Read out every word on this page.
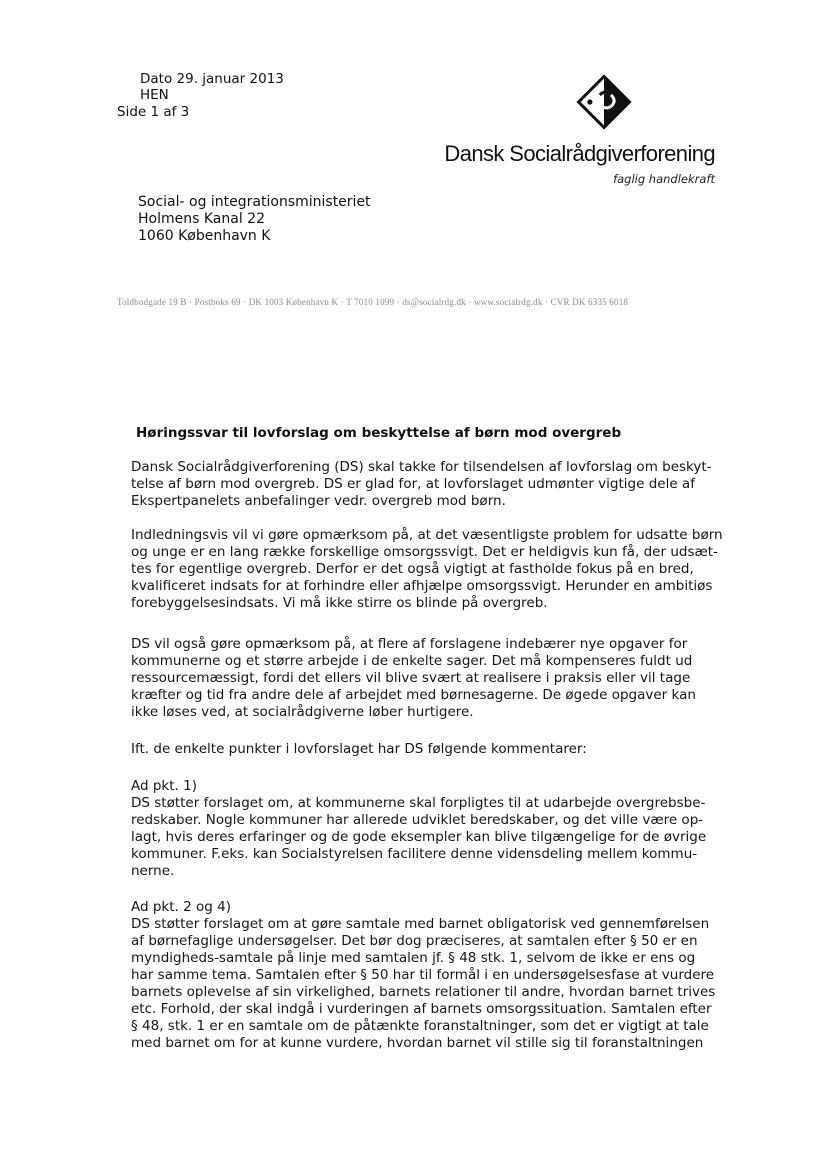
Dato 29. januar 2013
HEN
Side 1 af 3
Dansk Socialrådgiverforening
faglig handlekraft
Social- og integrationsministeriet
Holmens Kanal 22
1060 København K
Toldbodgade 19 B · Postboks 69 · DK 1003 København K · T 7010 1099 · ds@socialrdg.dk · www.socialrdg.dk · CVR DK 6335 6018
Høringssvar til lovforslag om beskyttelse af børn mod overgreb
Dansk Socialrådgiverforening (DS) skal takke for tilsendelsen af lovforslag om beskyt-
telse af børn mod overgreb. DS er glad for, at lovforslaget udmønter vigtige dele af
Ekspertpanelets anbefalinger vedr. overgreb mod børn.
Indledningsvis vil vi gøre opmærksom på, at det væsentligste problem for udsatte børn
og unge er en lang række forskellige omsorgssvigt. Det er heldigvis kun få, der udsæt-
tes for egentlige overgreb. Derfor er det også vigtigt at fastholde fokus på en bred,
kvalificeret indsats for at forhindre eller afhjælpe omsorgssvigt. Herunder en ambitiøs
forebyggelsesindsats. Vi må ikke stirre os blinde på overgreb.
DS vil også gøre opmærksom på, at flere af forslagene indebærer nye opgaver for
kommunerne og et større arbejde i de enkelte sager. Det må kompenseres fuldt ud
ressourcemæssigt, fordi det ellers vil blive svært at realisere i praksis eller vil tage
kræfter og tid fra andre dele af arbejdet med børnesagerne. De øgede opgaver kan
ikke løses ved, at socialrådgiverne løber hurtigere.
Ift. de enkelte punkter i lovforslaget har DS følgende kommentarer:
Ad pkt. 1)
DS støtter forslaget om, at kommunerne skal forpligtes til at udarbejde overgrebsbe-
redskaber. Nogle kommuner har allerede udviklet beredskaber, og det ville være op-
lagt, hvis deres erfaringer og de gode eksempler kan blive tilgængelige for de øvrige
kommuner. F.eks. kan Socialstyrelsen facilitere denne vidensdeling mellem kommu-
nerne.
Ad pkt. 2 og 4)
DS støtter forslaget om at gøre samtale med barnet obligatorisk ved gennemførelsen
af børnefaglige undersøgelser. Det bør dog præciseres, at samtalen efter § 50 er en
myndigheds-samtale på linje med samtalen jf. § 48 stk. 1, selvom de ikke er ens og
har samme tema. Samtalen efter § 50 har til formål i en undersøgelsesfase at vurdere
barnets oplevelse af sin virkelighed, barnets relationer til andre, hvordan barnet trives
etc. Forhold, der skal indgå i vurderingen af barnets omsorgssituation. Samtalen efter
§ 48, stk. 1 er en samtale om de påtænkte foranstaltninger, som det er vigtigt at tale
med barnet om for at kunne vurdere, hvordan barnet vil stille sig til foranstaltningen
